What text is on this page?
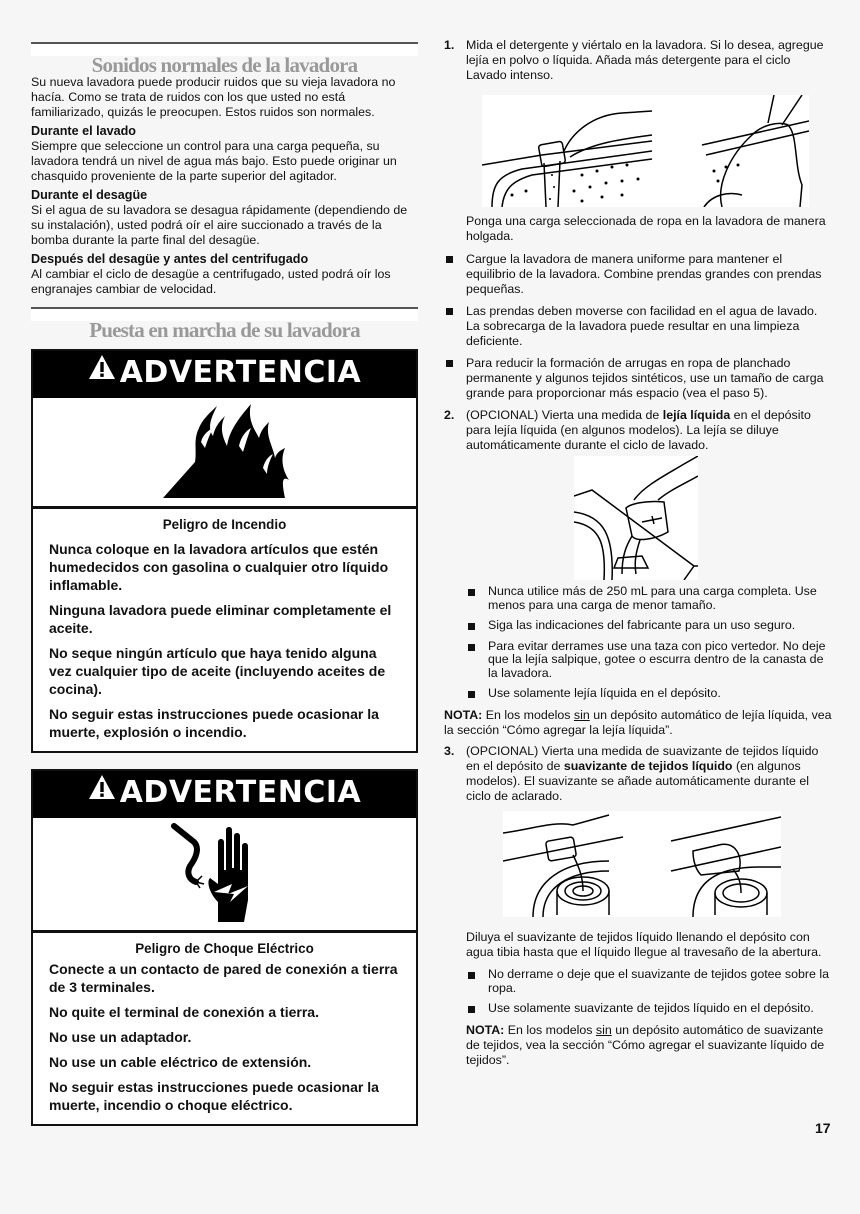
Sonidos normales de la lavadora

Su nueva lavadora puede producir ruidos que su vieja lavadora no hacía. Como se trata de ruidos con los que usted no está familiarizado, quizás le preocupen. Estos ruidos son normales.

Durante el lavado

Siempre que seleccione un control para una carga pequeña, su lavadora tendrá un nivel de agua más bajo. Esto puede originar un chasquido proveniente de la parte superior del agitador.

Durante el desagüe

Si el agua de su lavadora se desagua rápidamente (dependiendo de su instalación), usted podrá oír el aire succionado a través de la bomba durante la parte final del desagüe.

Después del desagüe y antes del centrifugado

Al cambiar el ciclo de desagüe a centrifugado, usted podrá oír los engranajes cambiar de velocidad.

Puesta en marcha de su lavadora
ADVERTENCIA

Peligro de Incendio

Nunca coloque en la lavadora artículos que estén humedecidos con gasolina o cualquier otro líquido inflamable.

Ninguna lavadora puede eliminar completamente el aceite.

No seque ningún artículo que haya tenido alguna vez cualquier tipo de aceite (incluyendo aceites de cocina).

No seguir estas instrucciones puede ocasionar la muerte, explosión o incendio.

ADVERTENCIA

Peligro de Choque Eléctrico

Conecte a un contacto de pared de conexión a tierra de 3 terminales.

No quite el terminal de conexión a tierra.

No use un adaptador.

No use un cable eléctrico de extensión.

No seguir estas instrucciones puede ocasionar la muerte, incendio o choque eléctrico.

1. Mida el detergente y viértalo en la lavadora. Si lo desea, agregue lejía en polvo o líquida. Añada más detergente para el ciclo Lavado intenso.

Ponga una carga seleccionada de ropa en la lavadora de manera holgada.

Cargue la lavadora de manera uniforme para mantener el equilibrio de la lavadora. Combine prendas grandes con prendas pequeñas.

Las prendas deben moverse con facilidad en el agua de lavado. La sobrecarga de la lavadora puede resultar en una limpieza deficiente.

Para reducir la formación de arrugas en ropa de planchado permanente y algunos tejidos sintéticos, use un tamaño de carga grande para proporcionar más espacio (vea el paso 5).

2. (OPCIONAL) Vierta una medida de lejía líquida en el depósito para lejía líquida (en algunos modelos). La lejía se diluye automáticamente durante el ciclo de lavado.

Nunca utilice más de 250 mL para una carga completa. Use menos para una carga de menor tamaño.

Siga las indicaciones del fabricante para un uso seguro.

Para evitar derrames use una taza con pico vertedor. No deje que la lejía salpique, gotee o escurra dentro de la canasta de la lavadora.

Use solamente lejía líquida en el depósito.

NOTA: En los modelos sin un depósito automático de lejía líquida, vea la sección “Cómo agregar la lejía líquida”.

3. (OPCIONAL) Vierta una medida de suavizante de tejidos líquido en el depósito de suavizante de tejidos líquido (en algunos modelos). El suavizante se añade automáticamente durante el ciclo de aclarado.

Diluya el suavizante de tejidos líquido llenando el depósito con agua tibia hasta que el líquido llegue al travesaño de la abertura.

No derrame o deje que el suavizante de tejidos gotee sobre la ropa.

Use solamente suavizante de tejidos líquido en el depósito.

NOTA: En los modelos sin un depósito automático de suavizante de tejidos, vea la sección “Cómo agregar el suavizante líquido de tejidos”.

17
